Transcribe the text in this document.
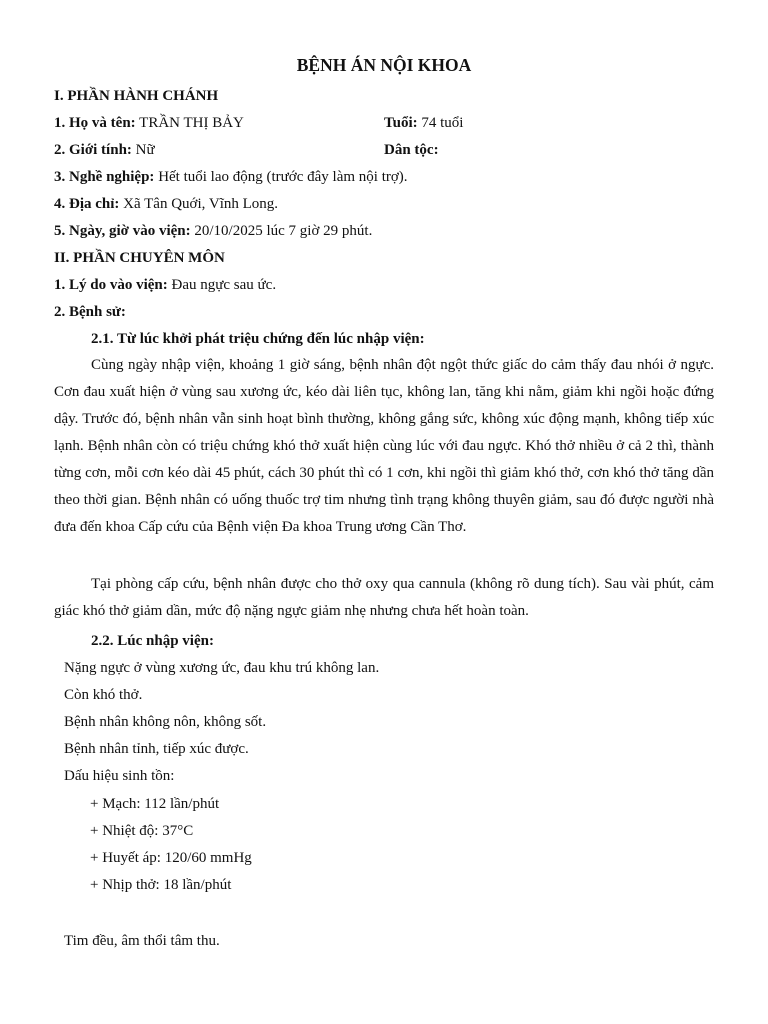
BỆNH ÁN NỘI KHOA
I. PHẦN HÀNH CHÁNH
1. Họ và tên: TRẦN THỊ BẢY	Tuổi: 74 tuổi
2. Giới tính: Nữ	Dân tộc:
3. Nghề nghiệp: Hết tuổi lao động (trước đây làm nội trợ).
4. Địa chỉ: Xã Tân Quới, Vĩnh Long.
5. Ngày, giờ vào viện: 20/10/2025 lúc 7 giờ 29 phút.
II. PHẦN CHUYÊN MÔN
1. Lý do vào viện: Đau ngực sau ức.
2. Bệnh sử:
2.1. Từ lúc khởi phát triệu chứng đến lúc nhập viện:
Cùng ngày nhập viện, khoảng 1 giờ sáng, bệnh nhân đột ngột thức giấc do cảm thấy đau nhói ở ngực. Cơn đau xuất hiện ở vùng sau xương ức, kéo dài liên tục, không lan, tăng khi nằm, giảm khi ngồi hoặc đứng dậy. Trước đó, bệnh nhân vẫn sinh hoạt bình thường, không gắng sức, không xúc động mạnh, không tiếp xúc lạnh. Bệnh nhân còn có triệu chứng khó thở xuất hiện cùng lúc với đau ngực. Khó thở nhiều ở cả 2 thì, thành từng cơn, mỗi cơn kéo dài 45 phút, cách 30 phút thì có 1 cơn, khi ngồi thì giảm khó thở, cơn khó thở tăng dần theo thời gian. Bệnh nhân có uống thuốc trợ tim nhưng tình trạng không thuyên giảm, sau đó được người nhà đưa đến khoa Cấp cứu của Bệnh viện Đa khoa Trung ương Cần Thơ.
Tại phòng cấp cứu, bệnh nhân được cho thở oxy qua cannula (không rõ dung tích). Sau vài phút, cảm giác khó thở giảm dần, mức độ nặng ngực giảm nhẹ nhưng chưa hết hoàn toàn.
2.2. Lúc nhập viện:
Nặng ngực ở vùng xương ức, đau khu trú không lan.
Còn khó thở.
Bệnh nhân không nôn, không sốt.
Bệnh nhân tỉnh, tiếp xúc được.
Dấu hiệu sinh tồn:
+ Mạch: 112 lần/phút
+ Nhiệt độ: 37°C
+ Huyết áp: 120/60 mmHg
+ Nhịp thở: 18 lần/phút
Tim đều, âm thổi tâm thu.
